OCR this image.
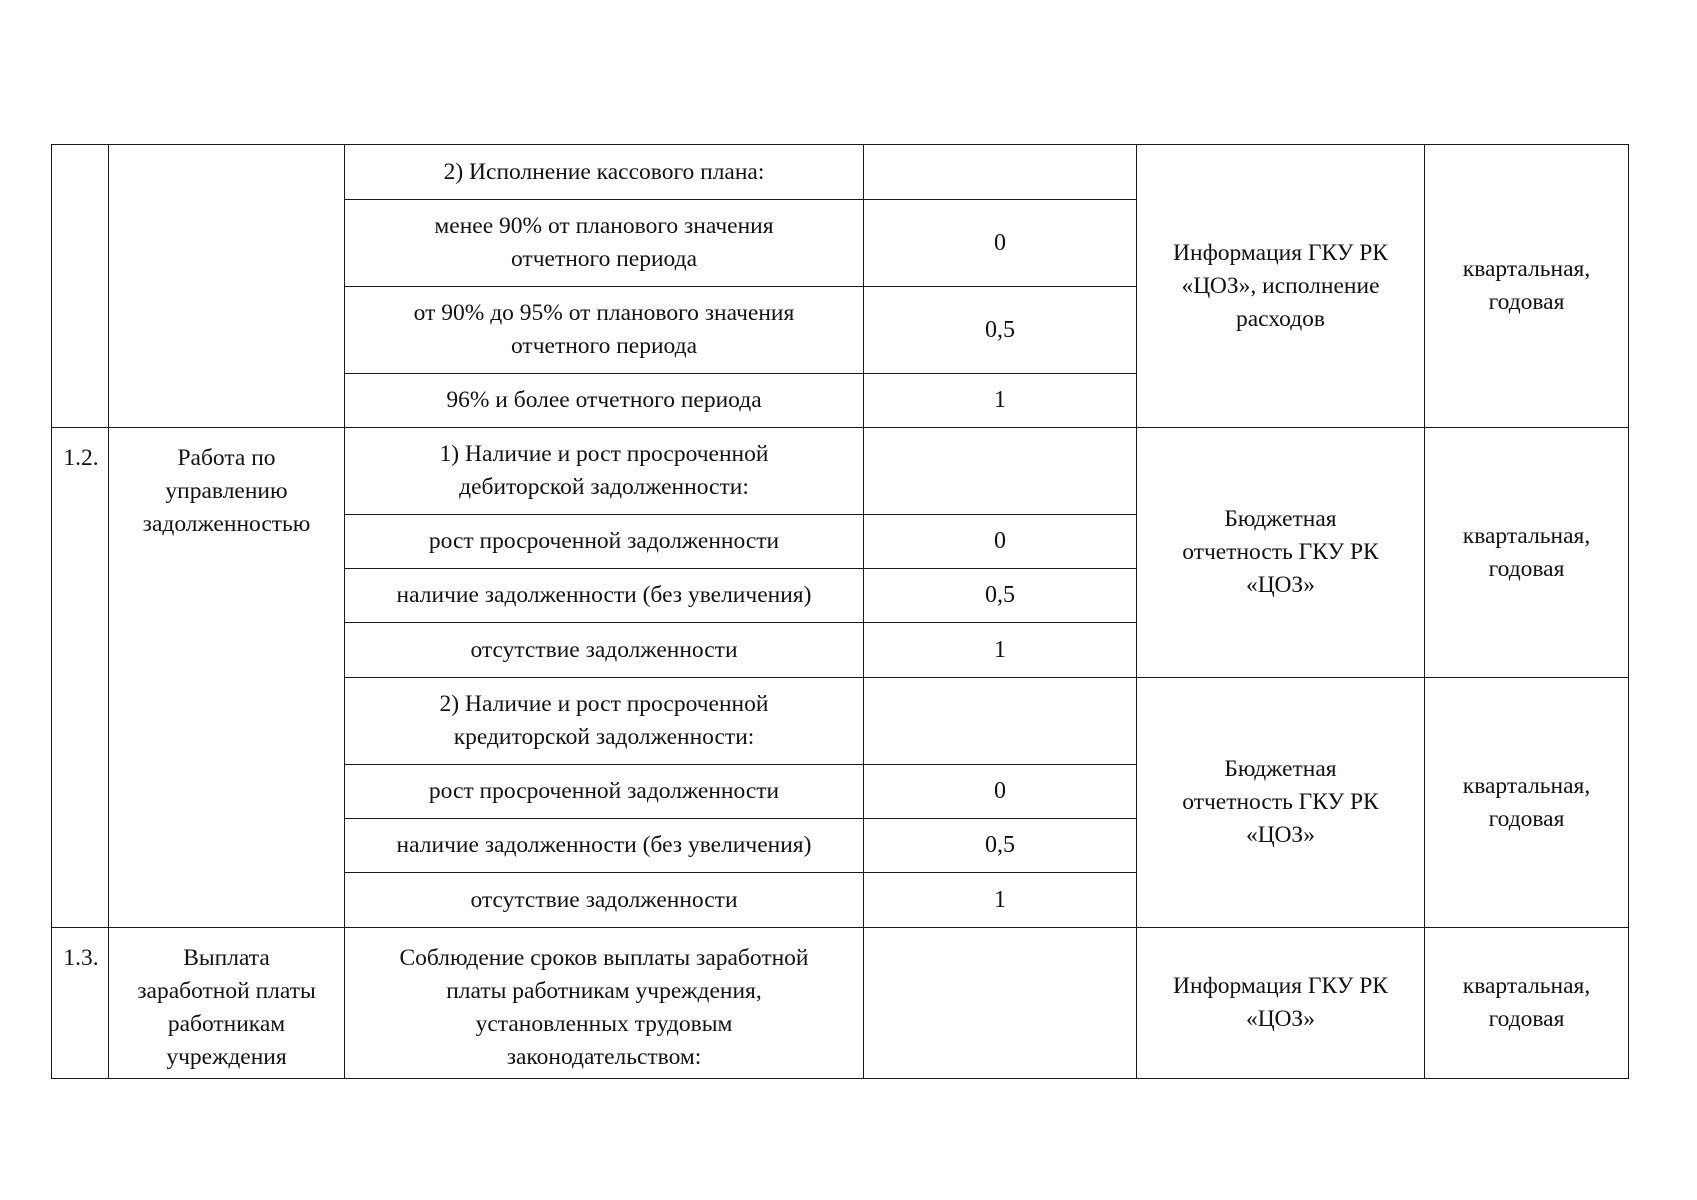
		2) Исполнение кассового плана:		Информация ГКУ РК
«ЦОЗ», исполнение
расходов	квартальная,
годовая
		менее 90% от планового значения
отчетного периода	0		
		от 90% до 95% от планового значения
отчетного периода	0,5		
		96% и более отчетного периода	1		
1.2.	Работа по
управлению
задолженностью	1) Наличие и рост просроченной
дебиторской задолженности:		Бюджетная
отчетность ГКУ РК
«ЦОЗ»	квартальная,
годовая
		рост просроченной задолженности	0		
		наличие задолженности (без увеличения)	0,5		
		отсутствие задолженности	1		
		2) Наличие и рост просроченной
кредиторской задолженности:		Бюджетная
отчетность ГКУ РК
«ЦОЗ»	квартальная,
годовая
		рост просроченной задолженности	0		
		наличие задолженности (без увеличения)	0,5		
		отсутствие задолженности	1		
1.3.	Выплата
заработной платы
работникам
учреждения	Соблюдение сроков выплаты заработной
платы работникам учреждения,
установленных трудовым
законодательством:		Информация ГКУ РК
«ЦОЗ»	квартальная,
годовая
